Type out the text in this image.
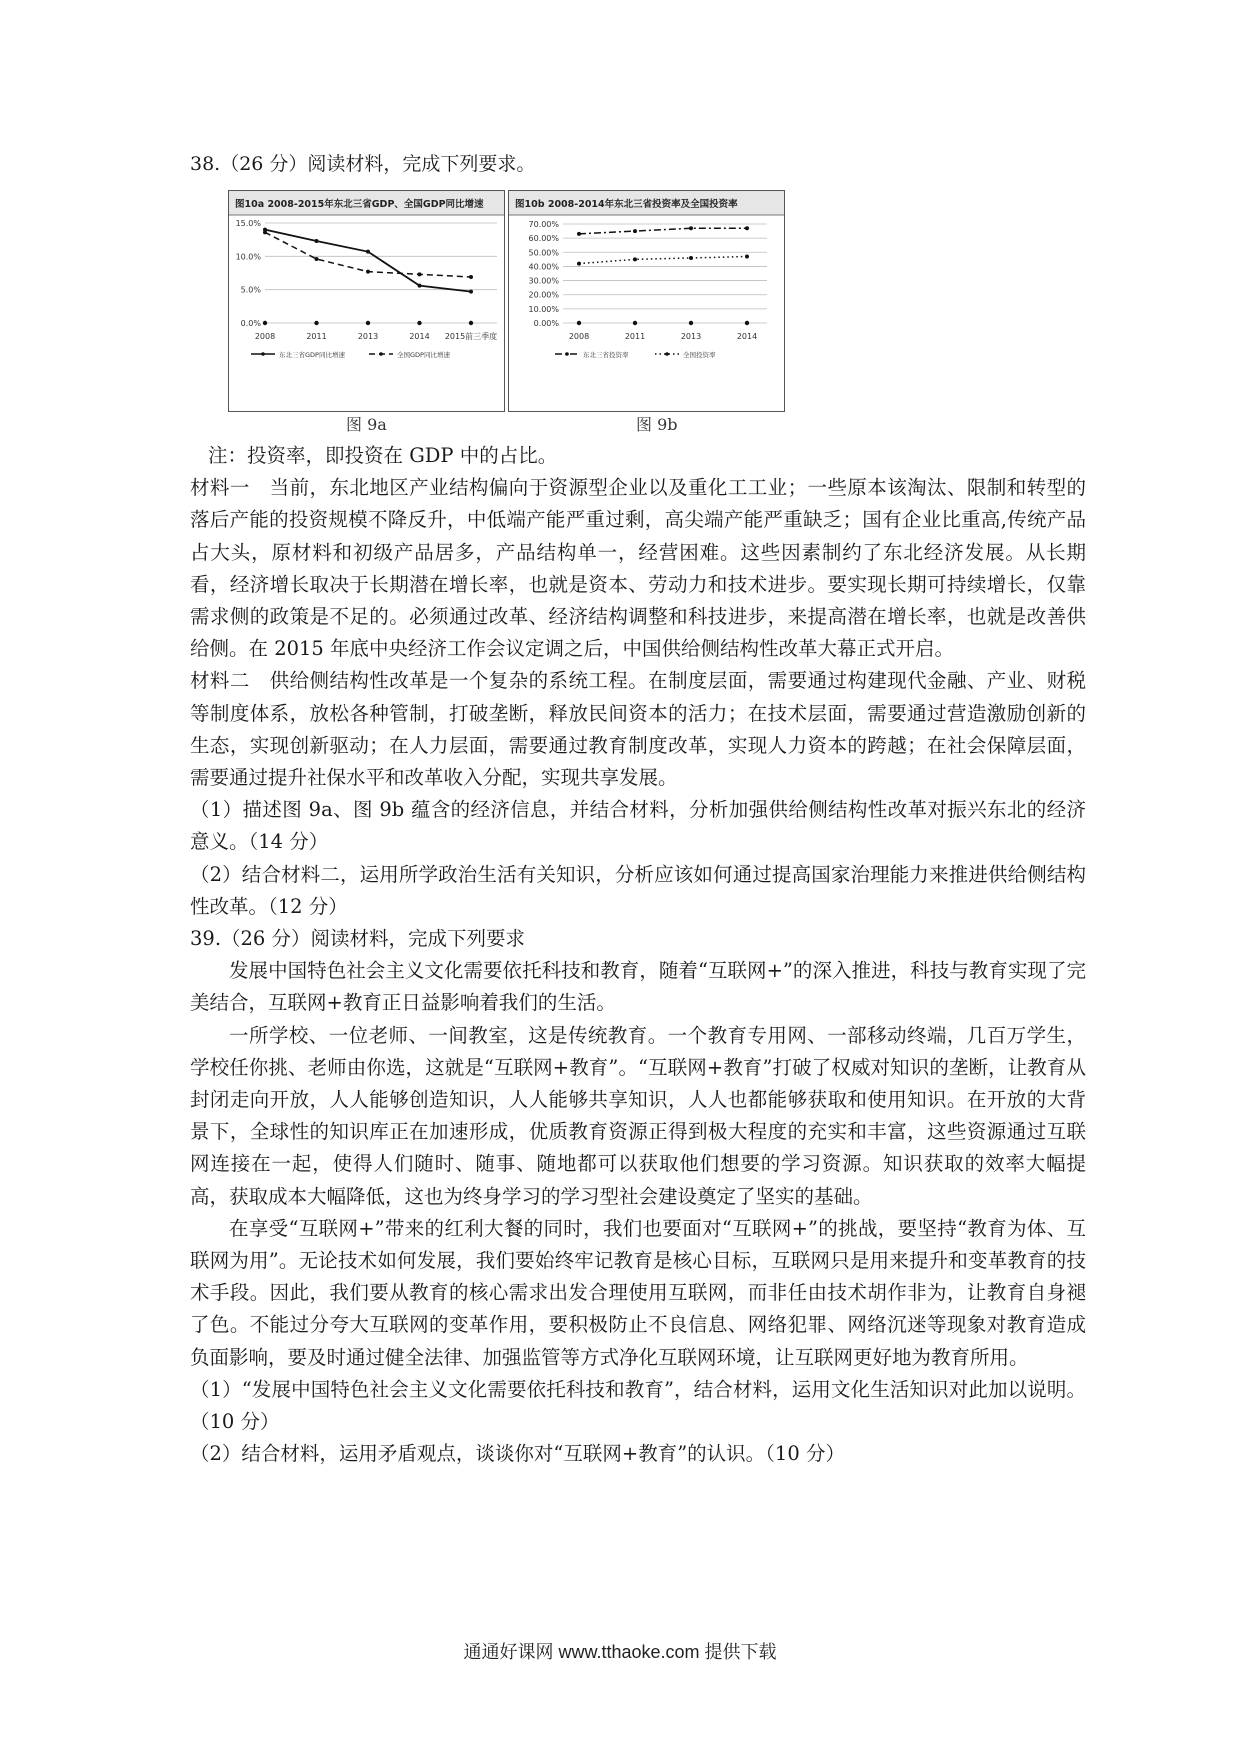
38.（26 分）阅读材料，完成下列要求。
图10a 2008-2015年东北三省GDP、全国GDP同比增速
0.0%
5.0%
10.0%
15.0%
2008	2011	2013	2014 2015前三季度
东北三省GDP同比增速	全国GDP同比增速
图10b 2008-2014年东北三省投资率及全国投资率
0.00%
10.00%
20.00%
30.00%
40.00%
50.00%
60.00%
70.00%
2008	2011	2013	2014
东北三省投资率	全国投资率
图 9a	图 9b

注：投资率，即投资在 GDP 中的占比。

材料一　当前，东北地区产业结构偏向于资源型企业以及重化工工业；一些原本该淘汰、限制和转型的落后产能的投资规模不降反升，中低端产能严重过剩，高尖端产能严重缺乏；国有企业比重高,传统产品占大头，原材料和初级产品居多，产品结构单一，经营困难。这些因素制约了东北经济发展。从长期看，经济增长取决于长期潜在增长率，也就是资本、劳动力和技术进步。要实现长期可持续增长，仅靠需求侧的政策是不足的。必须通过改革、经济结构调整和科技进步，来提高潜在增长率，也就是改善供给侧。在 2015 年底中央经济工作会议定调之后，中国供给侧结构性改革大幕正式开启。

材料二　供给侧结构性改革是一个复杂的系统工程。在制度层面，需要通过构建现代金融、产业、财税等制度体系，放松各种管制，打破垄断，释放民间资本的活力；在技术层面，需要通过营造激励创新的生态，实现创新驱动；在人力层面，需要通过教育制度改革，实现人力资本的跨越；在社会保障层面，需要通过提升社保水平和改革收入分配，实现共享发展。

（1）描述图 9a、图 9b 蕴含的经济信息，并结合材料，分析加强供给侧结构性改革对振兴东北的经济意义。（14 分）

（2）结合材料二，运用所学政治生活有关知识，分析应该如何通过提高国家治理能力来推进供给侧结构性改革。（12 分）

39.（26 分）阅读材料，完成下列要求

发展中国特色社会主义文化需要依托科技和教育，随着“互联网+”的深入推进，科技与教育实现了完美结合，互联网+教育正日益影响着我们的生活。

一所学校、一位老师、一间教室，这是传统教育。一个教育专用网、一部移动终端，几百万学生，学校任你挑、老师由你选，这就是“互联网+教育”。“互联网+教育”打破了权威对知识的垄断，让教育从封闭走向开放，人人能够创造知识，人人能够共享知识，人人也都能够获取和使用知识。在开放的大背景下，全球性的知识库正在加速形成，优质教育资源正得到极大程度的充实和丰富，这些资源通过互联网连接在一起，使得人们随时、随事、随地都可以获取他们想要的学习资源。知识获取的效率大幅提高，获取成本大幅降低，这也为终身学习的学习型社会建设奠定了坚实的基础。

在享受“互联网+”带来的红利大餐的同时，我们也要面对“互联网+”的挑战，要坚持“教育为体、互联网为用”。无论技术如何发展，我们要始终牢记教育是核心目标，互联网只是用来提升和变革教育的技术手段。因此，我们要从教育的核心需求出发合理使用互联网，而非任由技术胡作非为，让教育自身褪了色。不能过分夸大互联网的变革作用，要积极防止不良信息、网络犯罪、网络沉迷等现象对教育造成负面影响，要及时通过健全法律、加强监管等方式净化互联网环境，让互联网更好地为教育所用。

（1）“发展中国特色社会主义文化需要依托科技和教育”，结合材料，运用文化生活知识对此加以说明。（10 分）

（2）结合材料，运用矛盾观点，谈谈你对“互联网+教育”的认识。（10 分）

通通好课网 www.tthaoke.com 提供下载
